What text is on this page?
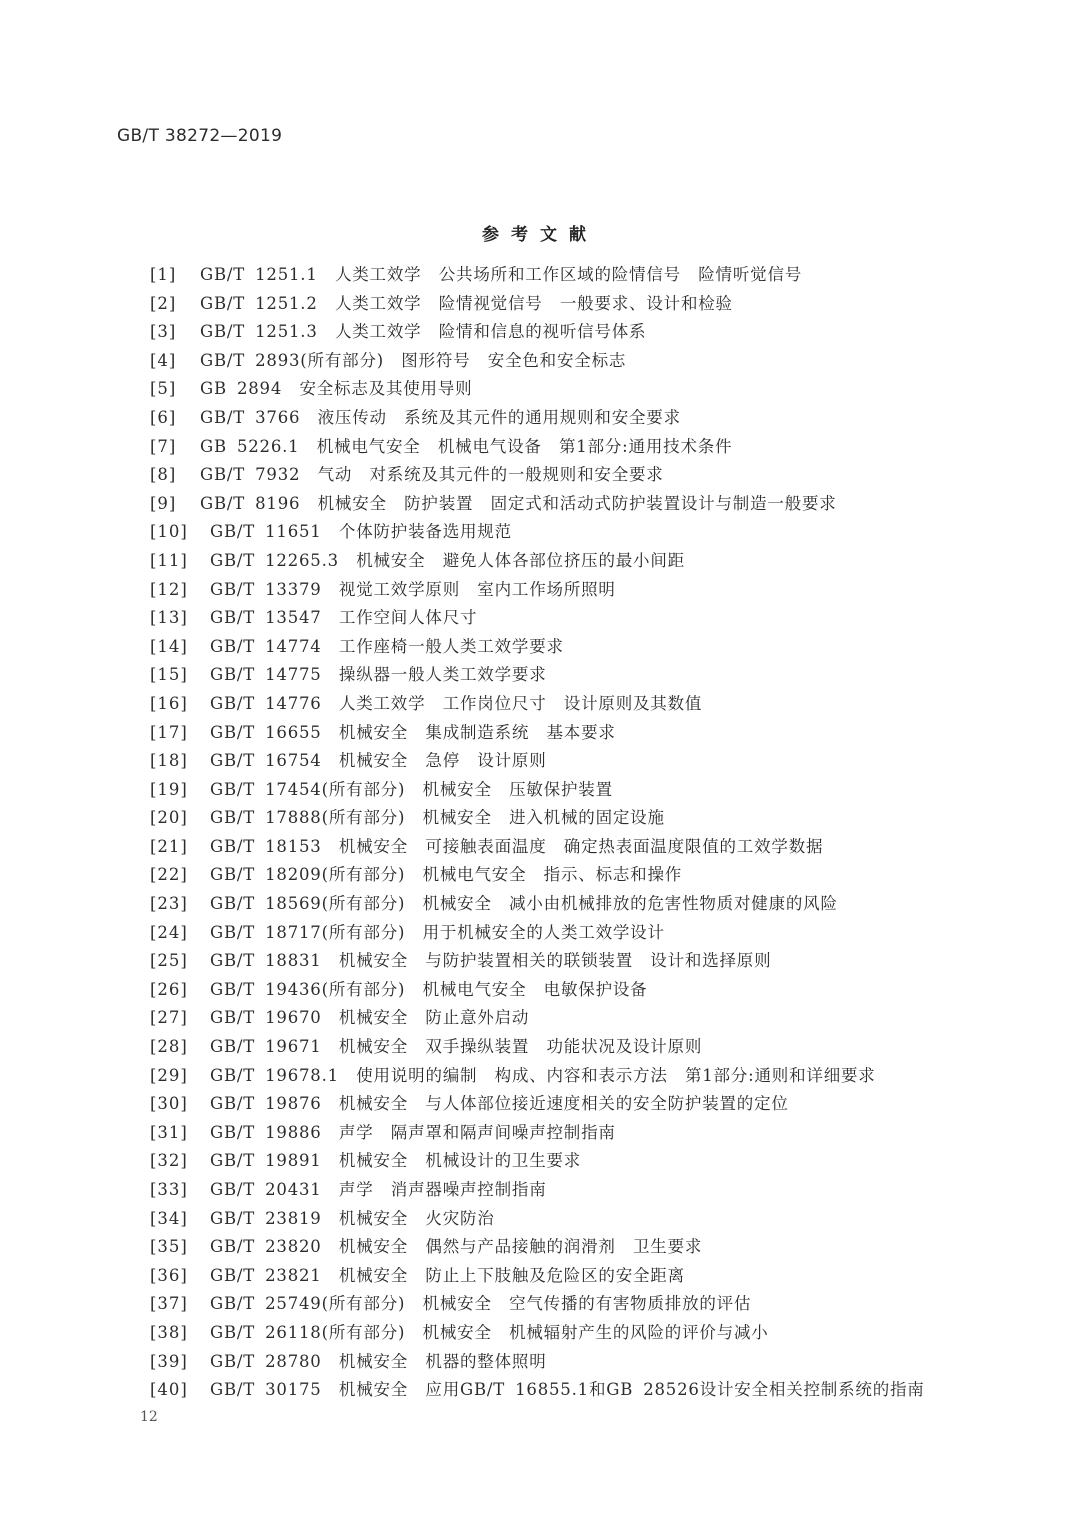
GB/T 38272—2019
参考文献
[1] GB/T 1251.1　人类工效学　公共场所和工作区域的险情信号　险情听觉信号
[2] GB/T 1251.2　人类工效学　险情视觉信号　一般要求、设计和检验
[3] GB/T 1251.3　人类工效学　险情和信息的视听信号体系
[4] GB/T 2893(所有部分)　图形符号　安全色和安全标志
[5] GB 2894　安全标志及其使用导则
[6] GB/T 3766　液压传动　系统及其元件的通用规则和安全要求
[7] GB 5226.1　机械电气安全　机械电气设备　第1部分:通用技术条件
[8] GB/T 7932　气动　对系统及其元件的一般规则和安全要求
[9] GB/T 8196　机械安全　防护装置　固定式和活动式防护装置设计与制造一般要求
[10] GB/T 11651　个体防护装备选用规范
[11] GB/T 12265.3　机械安全　避免人体各部位挤压的最小间距
[12] GB/T 13379　视觉工效学原则　室内工作场所照明
[13] GB/T 13547　工作空间人体尺寸
[14] GB/T 14774　工作座椅一般人类工效学要求
[15] GB/T 14775　操纵器一般人类工效学要求
[16] GB/T 14776　人类工效学　工作岗位尺寸　设计原则及其数值
[17] GB/T 16655　机械安全　集成制造系统　基本要求
[18] GB/T 16754　机械安全　急停　设计原则
[19] GB/T 17454(所有部分)　机械安全　压敏保护装置
[20] GB/T 17888(所有部分)　机械安全　进入机械的固定设施
[21] GB/T 18153　机械安全　可接触表面温度　确定热表面温度限值的工效学数据
[22] GB/T 18209(所有部分)　机械电气安全　指示、标志和操作
[23] GB/T 18569(所有部分)　机械安全　减小由机械排放的危害性物质对健康的风险
[24] GB/T 18717(所有部分)　用于机械安全的人类工效学设计
[25] GB/T 18831　机械安全　与防护装置相关的联锁装置　设计和选择原则
[26] GB/T 19436(所有部分)　机械电气安全　电敏保护设备
[27] GB/T 19670　机械安全　防止意外启动
[28] GB/T 19671　机械安全　双手操纵装置　功能状况及设计原则
[29] GB/T 19678.1　使用说明的编制　构成、内容和表示方法　第1部分:通则和详细要求
[30] GB/T 19876　机械安全　与人体部位接近速度相关的安全防护装置的定位
[31] GB/T 19886　声学　隔声罩和隔声间噪声控制指南
[32] GB/T 19891　机械安全　机械设计的卫生要求
[33] GB/T 20431　声学　消声器噪声控制指南
[34] GB/T 23819　机械安全　火灾防治
[35] GB/T 23820　机械安全　偶然与产品接触的润滑剂　卫生要求
[36] GB/T 23821　机械安全　防止上下肢触及危险区的安全距离
[37] GB/T 25749(所有部分)　机械安全　空气传播的有害物质排放的评估
[38] GB/T 26118(所有部分)　机械安全　机械辐射产生的风险的评价与减小
[39] GB/T 28780　机械安全　机器的整体照明
[40] GB/T 30175　机械安全　应用GB/T 16855.1和GB 28526设计安全相关控制系统的指南
12
